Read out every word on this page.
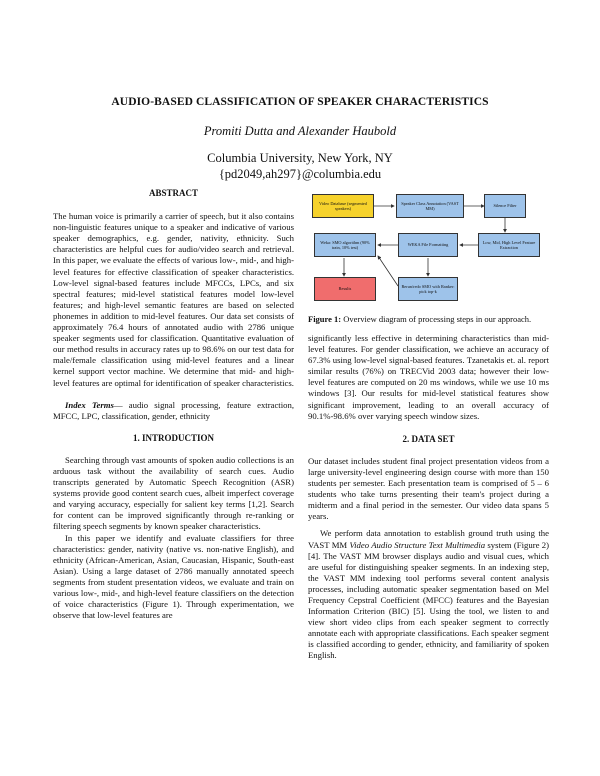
AUDIO-BASED CLASSIFICATION OF SPEAKER CHARACTERISTICS
Promiti Dutta and Alexander Haubold
Columbia University, New York, NY
{pd2049,ah297}@columbia.edu

ABSTRACT

The human voice is primarily a carrier of speech, but it also contains non-linguistic features unique to a speaker and indicative of various speaker demographics, e.g. gender, nativity, ethnicity. Such characteristics are helpful cues for audio/video search and retrieval. In this paper, we evaluate the effects of various low-, mid-, and high-level features for effective classification of speaker characteristics. Low-level signal-based features include MFCCs, LPCs, and six spectral features; mid-level statistical features model low-level features; and high-level semantic features are based on selected phonemes in addition to mid-level features. Our data set consists of approximately 76.4 hours of annotated audio with 2786 unique speaker segments used for classification. Quantitative evaluation of our method results in accuracy rates up to 98.6% on our test data for male/female classification using mid-level features and a linear kernel support vector machine. We determine that mid- and high-level features are optimal for identification of speaker characteristics.

Index Terms— audio signal processing, feature extraction, MFCC, LPC, classification, gender, ethnicity

1. INTRODUCTION

Searching through vast amounts of spoken audio collections is an arduous task without the availability of search cues. Audio transcripts generated by Automatic Speech Recognition (ASR) systems provide good content search cues, albeit imperfect coverage and varying accuracy, especially for salient key terms [1,2]. Search for content can be improved significantly through re-ranking or filtering speech segments by known speaker characteristics.

In this paper we identify and evaluate classifiers for three characteristics: gender, nativity (native vs. non-native English), and ethnicity (African-American, Asian, Caucasian, Hispanic, South-east Asian). Using a large dataset of 2786 manually annotated speech segments from student presentation videos, we evaluate and train on various low-, mid-, and high-level feature classifiers on the detection of voice characteristics (Figure 1). Through experimentation, we observe that low-level features are

Video Database (segmented speakers)
Speaker Class Annotation (VAST MM)
Silence Filter
Low, Mid, High Level Feature Extraction
WEKA File Formatting
Weka: SMO algorithm (90% train, 10% test)
Results
Rerun/redo SMO with Ranker: pick top-k
Figure 1: Overview diagram of processing steps in our approach.

significantly less effective in determining characteristics than mid-level features. For gender classification, we achieve an accuracy of 67.3% using low-level signal-based features. Tzanetakis et. al. report similar results (76%) on TRECVid 2003 data; however their low-level features are computed on 20 ms windows, while we use 10 ms windows [3]. Our results for mid-level statistical features show significant improvement, leading to an overall accuracy of 90.1%-98.6% over varying speech window sizes.

2. DATA SET

Our dataset includes student final project presentation videos from a large university-level engineering design course with more than 150 students per semester. Each presentation team is comprised of 5 – 6 students who take turns presenting their team's project during a midterm and a final period in the semester. Our video data spans 5 years.

We perform data annotation to establish ground truth using the VAST MM Video Audio Structure Text Multimedia system (Figure 2) [4]. The VAST MM browser displays audio and visual cues, which are useful for distinguishing speaker segments. In an indexing step, the VAST MM indexing tool performs several content analysis processes, including automatic speaker segmentation based on Mel Frequency Cepstral Coefficient (MFCC) features and the Bayesian Information Criterion (BIC) [5]. Using the tool, we listen to and view short video clips from each speaker segment to correctly annotate each with appropriate classifications. Each speaker segment is classified according to gender, ethnicity, and familiarity of spoken English.
